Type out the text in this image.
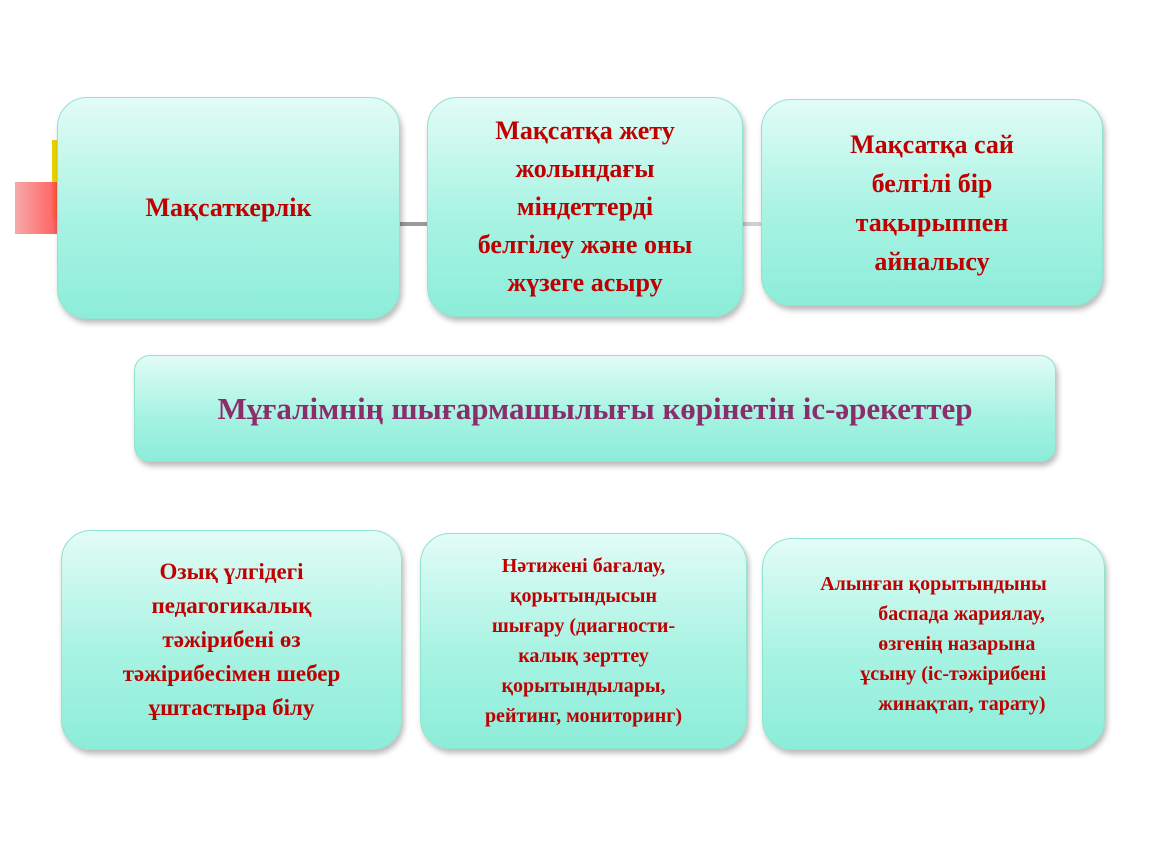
Мақсаткерлік
Мақсатқа жету
жолындағы
міндеттерді
белгілеу және оны
жүзеге асыру
Мақсатқа сай
белгілі бір
тақырыппен
айналысу
Мұғалімнің шығармашылығы көрінетін іс-әрекеттер
Озық үлгідегі
педагогикалық
тәжірибені өз
тәжірибесімен шебер
ұштастыра білу
Нәтижені бағалау,
қорытындысын
шығару (диагности-
калық зерттеу
қорытындылары,
рейтинг, мониторинг)
Алынған қорытындыны
баспада жариялау,
өзгенің назарына
ұсыну (іс-тәжірибені
жинақтап, тарату)
